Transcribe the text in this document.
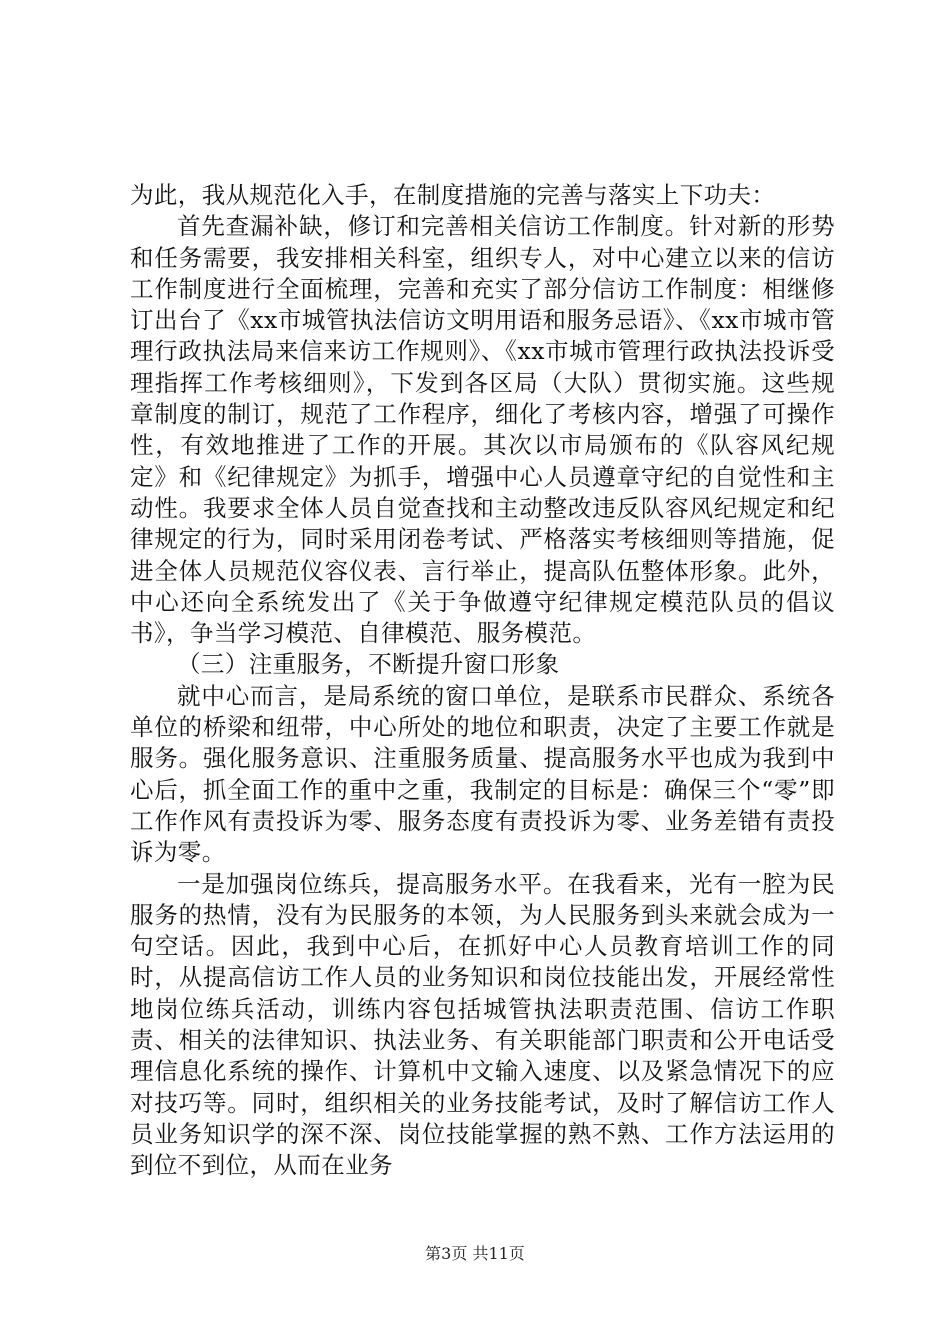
为此，我从规范化入手，在制度措施的完善与落实上下功夫：

首先查漏补缺，修订和完善相关信访工作制度。针对新的形势和任务需要，我安排相关科室，组织专人，对中心建立以来的信访工作制度进行全面梳理，完善和充实了部分信访工作制度：相继修订出台了《xx市城管执法信访文明用语和服务忌语》、《xx市城市管理行政执法局来信来访工作规则》、《xx市城市管理行政执法投诉受理指挥工作考核细则》，下发到各区局（大队）贯彻实施。这些规章制度的制订，规范了工作程序，细化了考核内容，增强了可操作性，有效地推进了工作的开展。其次以市局颁布的《队容风纪规定》和《纪律规定》为抓手，增强中心人员遵章守纪的自觉性和主动性。我要求全体人员自觉查找和主动整改违反队容风纪规定和纪律规定的行为，同时采用闭卷考试、严格落实考核细则等措施，促进全体人员规范仪容仪表、言行举止，提高队伍整体形象。此外，中心还向全系统发出了《关于争做遵守纪律规定模范队员的倡议书》，争当学习模范、自律模范、服务模范。

（三）注重服务，不断提升窗口形象

就中心而言，是局系统的窗口单位，是联系市民群众、系统各单位的桥梁和纽带，中心所处的地位和职责，决定了主要工作就是服务。强化服务意识、注重服务质量、提高服务水平也成为我到中心后，抓全面工作的重中之重，我制定的目标是：确保三个“零”即工作作风有责投诉为零、服务态度有责投诉为零、业务差错有责投诉为零。

一是加强岗位练兵，提高服务水平。在我看来，光有一腔为民服务的热情，没有为民服务的本领，为人民服务到头来就会成为一句空话。因此，我到中心后，在抓好中心人员教育培训工作的同时，从提高信访工作人员的业务知识和岗位技能出发，开展经常性地岗位练兵活动，训练内容包括城管执法职责范围、信访工作职责、相关的法律知识、执法业务、有关职能部门职责和公开电话受理信息化系统的操作、计算机中文输入速度、以及紧急情况下的应对技巧等。同时，组织相关的业务技能考试，及时了解信访工作人员业务知识学的深不深、岗位技能掌握的熟不熟、工作方法运用的到位不到位，从而在业务

第3页 共11页
